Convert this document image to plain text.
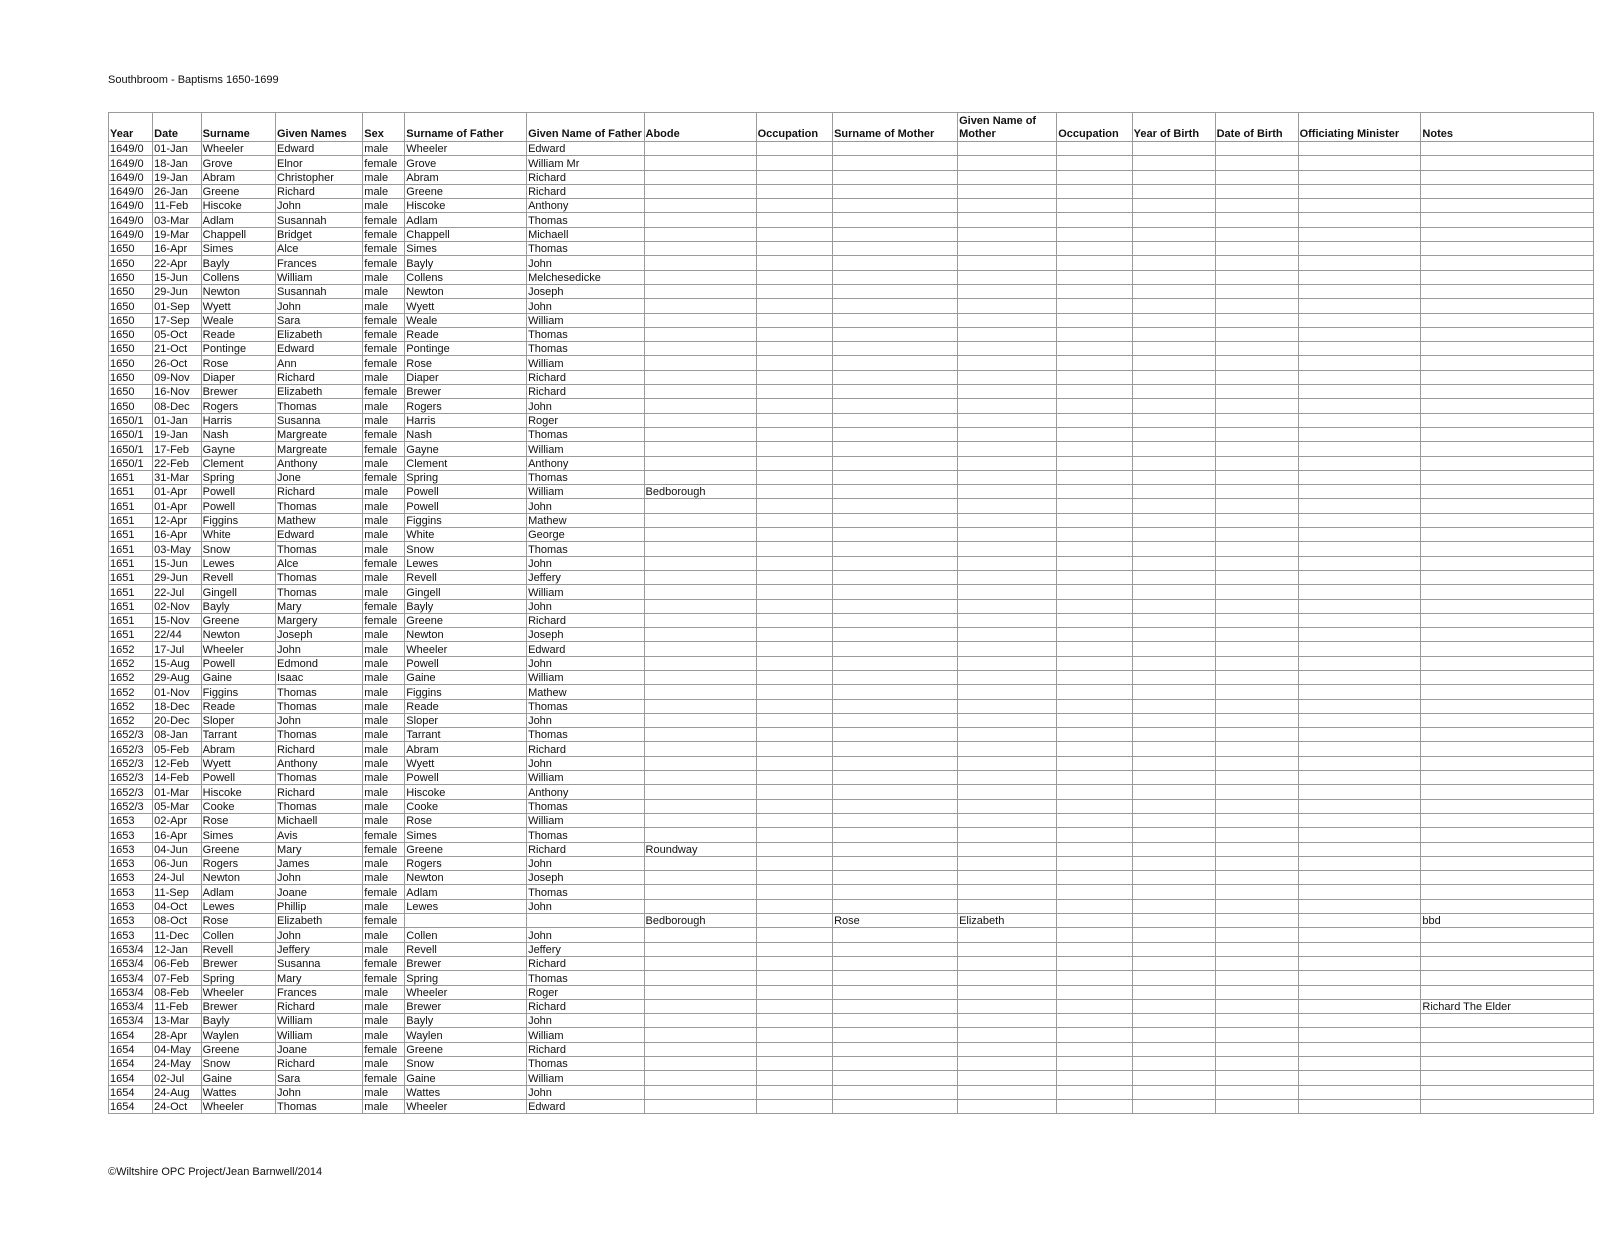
Southbroom - Baptisms 1650-1699
Year	Date	Surname	Given Names	Sex	Surname of Father	Given Name of Father	Abode	Occupation	Surname of Mother	Given Name of Mother	Occupation	Year of Birth	Date of Birth	Officiating Minister	Notes
1649/0	01-Jan	Wheeler	Edward	male	Wheeler	Edward									
1649/0	18-Jan	Grove	Elnor	female	Grove	William Mr									
1649/0	19-Jan	Abram	Christopher	male	Abram	Richard									
1649/0	26-Jan	Greene	Richard	male	Greene	Richard									
1649/0	11-Feb	Hiscoke	John	male	Hiscoke	Anthony									
1649/0	03-Mar	Adlam	Susannah	female	Adlam	Thomas									
1649/0	19-Mar	Chappell	Bridget	female	Chappell	Michaell									
1650	16-Apr	Simes	Alce	female	Simes	Thomas									
1650	22-Apr	Bayly	Frances	female	Bayly	John									
1650	15-Jun	Collens	William	male	Collens	Melchesedicke									
1650	29-Jun	Newton	Susannah	male	Newton	Joseph									
1650	01-Sep	Wyett	John	male	Wyett	John									
1650	17-Sep	Weale	Sara	female	Weale	William									
1650	05-Oct	Reade	Elizabeth	female	Reade	Thomas									
1650	21-Oct	Pontinge	Edward	female	Pontinge	Thomas									
1650	26-Oct	Rose	Ann	female	Rose	William									
1650	09-Nov	Diaper	Richard	male	Diaper	Richard									
1650	16-Nov	Brewer	Elizabeth	female	Brewer	Richard									
1650	08-Dec	Rogers	Thomas	male	Rogers	John									
1650/1	01-Jan	Harris	Susanna	male	Harris	Roger									
1650/1	19-Jan	Nash	Margreate	female	Nash	Thomas									
1650/1	17-Feb	Gayne	Margreate	female	Gayne	William									
1650/1	22-Feb	Clement	Anthony	male	Clement	Anthony									
1651	31-Mar	Spring	Jone	female	Spring	Thomas									
1651	01-Apr	Powell	Richard	male	Powell	William	Bedborough								
1651	01-Apr	Powell	Thomas	male	Powell	John									
1651	12-Apr	Figgins	Mathew	male	Figgins	Mathew									
1651	16-Apr	White	Edward	male	White	George									
1651	03-May	Snow	Thomas	male	Snow	Thomas									
1651	15-Jun	Lewes	Alce	female	Lewes	John									
1651	29-Jun	Revell	Thomas	male	Revell	Jeffery									
1651	22-Jul	Gingell	Thomas	male	Gingell	William									
1651	02-Nov	Bayly	Mary	female	Bayly	John									
1651	15-Nov	Greene	Margery	female	Greene	Richard									
1651	22/44	Newton	Joseph	male	Newton	Joseph									
1652	17-Jul	Wheeler	John	male	Wheeler	Edward									
1652	15-Aug	Powell	Edmond	male	Powell	John									
1652	29-Aug	Gaine	Isaac	male	Gaine	William									
1652	01-Nov	Figgins	Thomas	male	Figgins	Mathew									
1652	18-Dec	Reade	Thomas	male	Reade	Thomas									
1652	20-Dec	Sloper	John	male	Sloper	John									
1652/3	08-Jan	Tarrant	Thomas	male	Tarrant	Thomas									
1652/3	05-Feb	Abram	Richard	male	Abram	Richard									
1652/3	12-Feb	Wyett	Anthony	male	Wyett	John									
1652/3	14-Feb	Powell	Thomas	male	Powell	William									
1652/3	01-Mar	Hiscoke	Richard	male	Hiscoke	Anthony									
1652/3	05-Mar	Cooke	Thomas	male	Cooke	Thomas									
1653	02-Apr	Rose	Michaell	male	Rose	William									
1653	16-Apr	Simes	Avis	female	Simes	Thomas									
1653	04-Jun	Greene	Mary	female	Greene	Richard	Roundway								
1653	06-Jun	Rogers	James	male	Rogers	John									
1653	24-Jul	Newton	John	male	Newton	Joseph									
1653	11-Sep	Adlam	Joane	female	Adlam	Thomas									
1653	04-Oct	Lewes	Phillip	male	Lewes	John									
1653	08-Oct	Rose	Elizabeth	female			Bedborough		Rose	Elizabeth					bbd
1653	11-Dec	Collen	John	male	Collen	John									
1653/4	12-Jan	Revell	Jeffery	male	Revell	Jeffery									
1653/4	06-Feb	Brewer	Susanna	female	Brewer	Richard									
1653/4	07-Feb	Spring	Mary	female	Spring	Thomas									
1653/4	08-Feb	Wheeler	Frances	male	Wheeler	Roger									
1653/4	11-Feb	Brewer	Richard	male	Brewer	Richard									Richard The Elder
1653/4	13-Mar	Bayly	William	male	Bayly	John									
1654	28-Apr	Waylen	William	male	Waylen	William									
1654	04-May	Greene	Joane	female	Greene	Richard									
1654	24-May	Snow	Richard	male	Snow	Thomas									
1654	02-Jul	Gaine	Sara	female	Gaine	William									
1654	24-Aug	Wattes	John	male	Wattes	John									
1654	24-Oct	Wheeler	Thomas	male	Wheeler	Edward									
©Wiltshire OPC Project/Jean Barnwell/2014
